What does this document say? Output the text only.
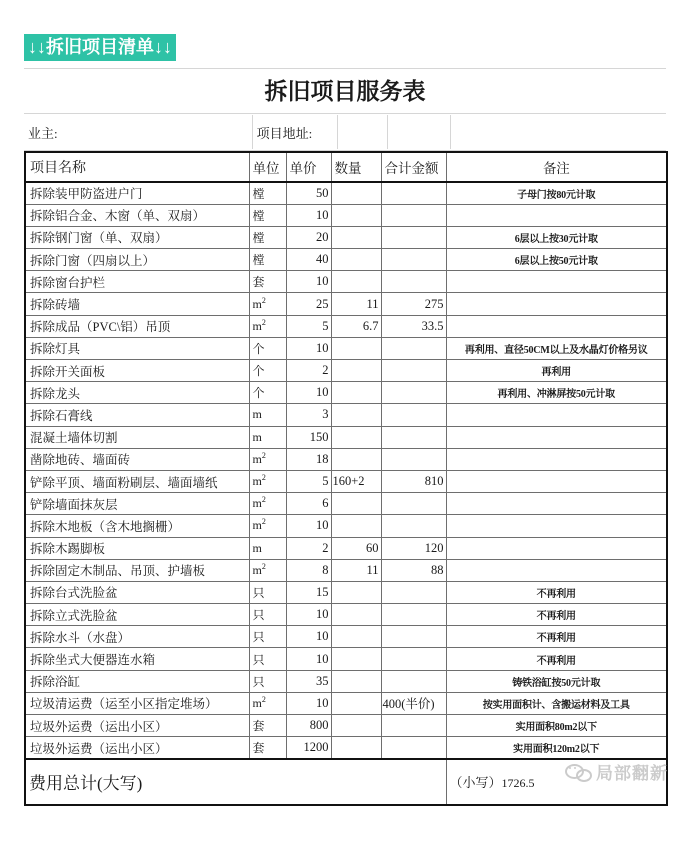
↓↓拆旧项目清单↓↓
拆旧项目服务表
业主:	项目地址:
项目名称	单位	单价	数量	合计金额	备注
拆除装甲防盗进户门	樘	50			子母门按80元计取
拆除铝合金、木窗（单、双扇）	樘	10			
拆除钢门窗（单、双扇）	樘	20			6层以上按30元计取
拆除门窗（四扇以上）	樘	40			6层以上按50元计取
拆除窗台护栏	套	10			
拆除砖墙	$m^2$	25	11	275	
拆除成品（PVC\铝）吊顶	$m^2$	5	6.7	33.5	
拆除灯具	个	10			再利用、直径50CM以上及水晶灯价格另议
拆除开关面板	个	2			再利用
拆除龙头	个	10			再利用、冲淋屏按50元计取
拆除石膏线	m	3			
混凝土墙体切割	m	150			
凿除地砖、墙面砖	$m^2$	18			
铲除平顶、墙面粉刷层、墙面墙纸	$m^2$	5	160+2	810	
铲除墙面抹灰层	$m^2$	6			
拆除木地板（含木地搁栅）	$m^2$	10			
拆除木踢脚板	m	2	60	120	
拆除固定木制品、吊顶、护墙板	$m^2$	8	11	88	
拆除台式洗脸盆	只	15			不再利用
拆除立式洗脸盆	只	10			不再利用
拆除水斗（水盘）	只	10			不再利用
拆除坐式大便器连水箱	只	10			不再利用
拆除浴缸	只	35			铸铁浴缸按50元计取
垃圾清运费（运至小区指定堆场）	$m^2$	10		400(半价)	按实用面积计、含搬运材料及工具
垃圾外运费（运出小区）	套	800			实用面积80m2以下
垃圾外运费（运出小区）	套	1200			实用面积120m2以下
费用总计(大写)					（小写）1726.5
局部翻新
